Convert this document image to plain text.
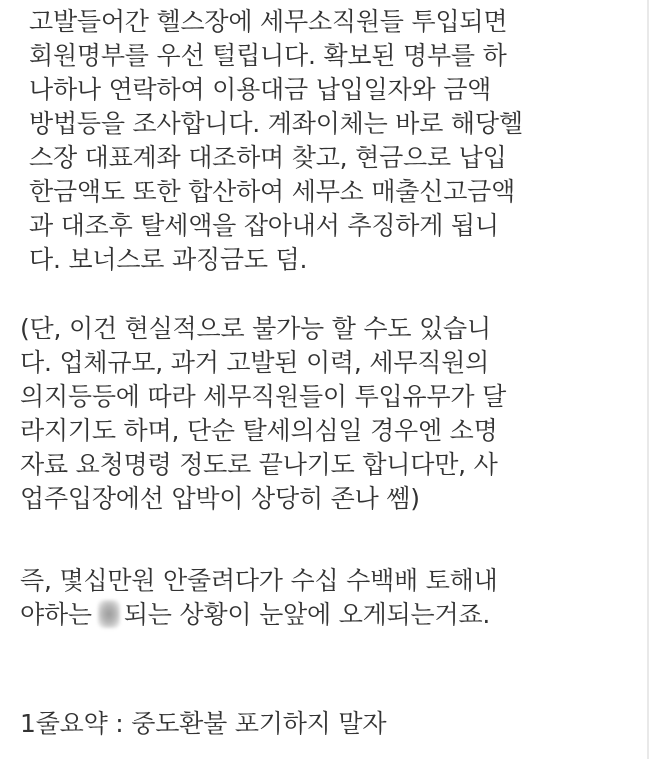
고발들어간 헬스장에 세무소직원들 투입되면
회원명부를 우선 털립니다. 확보된 명부를 하
나하나 연락하여 이용대금 납입일자와 금액
방법등을 조사합니다. 계좌이체는 바로 해당헬
스장 대표계좌 대조하며 찾고, 현금으로 납입
한금액도 또한 합산하여 세무소 매출신고금액
과 대조후 탈세액을 잡아내서 추징하게 됩니
다. 보너스로 과징금도 덤.
(단, 이건 현실적으로 불가능 할 수도 있습니
다. 업체규모, 과거 고발된 이력, 세무직원의
의지등등에 따라 세무직원들이 투입유무가 달
라지기도 하며, 단순 탈세의심일 경우엔 소명
자료 요청명령 정도로 끝나기도 합니다만, 사
업주입장에선 압박이 상당히 존나 쎔)
즉, 몇십만원 안줄려다가 수십 수백배 토해내
야하는 되는 상황이 눈앞에 오게되는거죠.
1줄요약 : 중도환불 포기하지 말자
